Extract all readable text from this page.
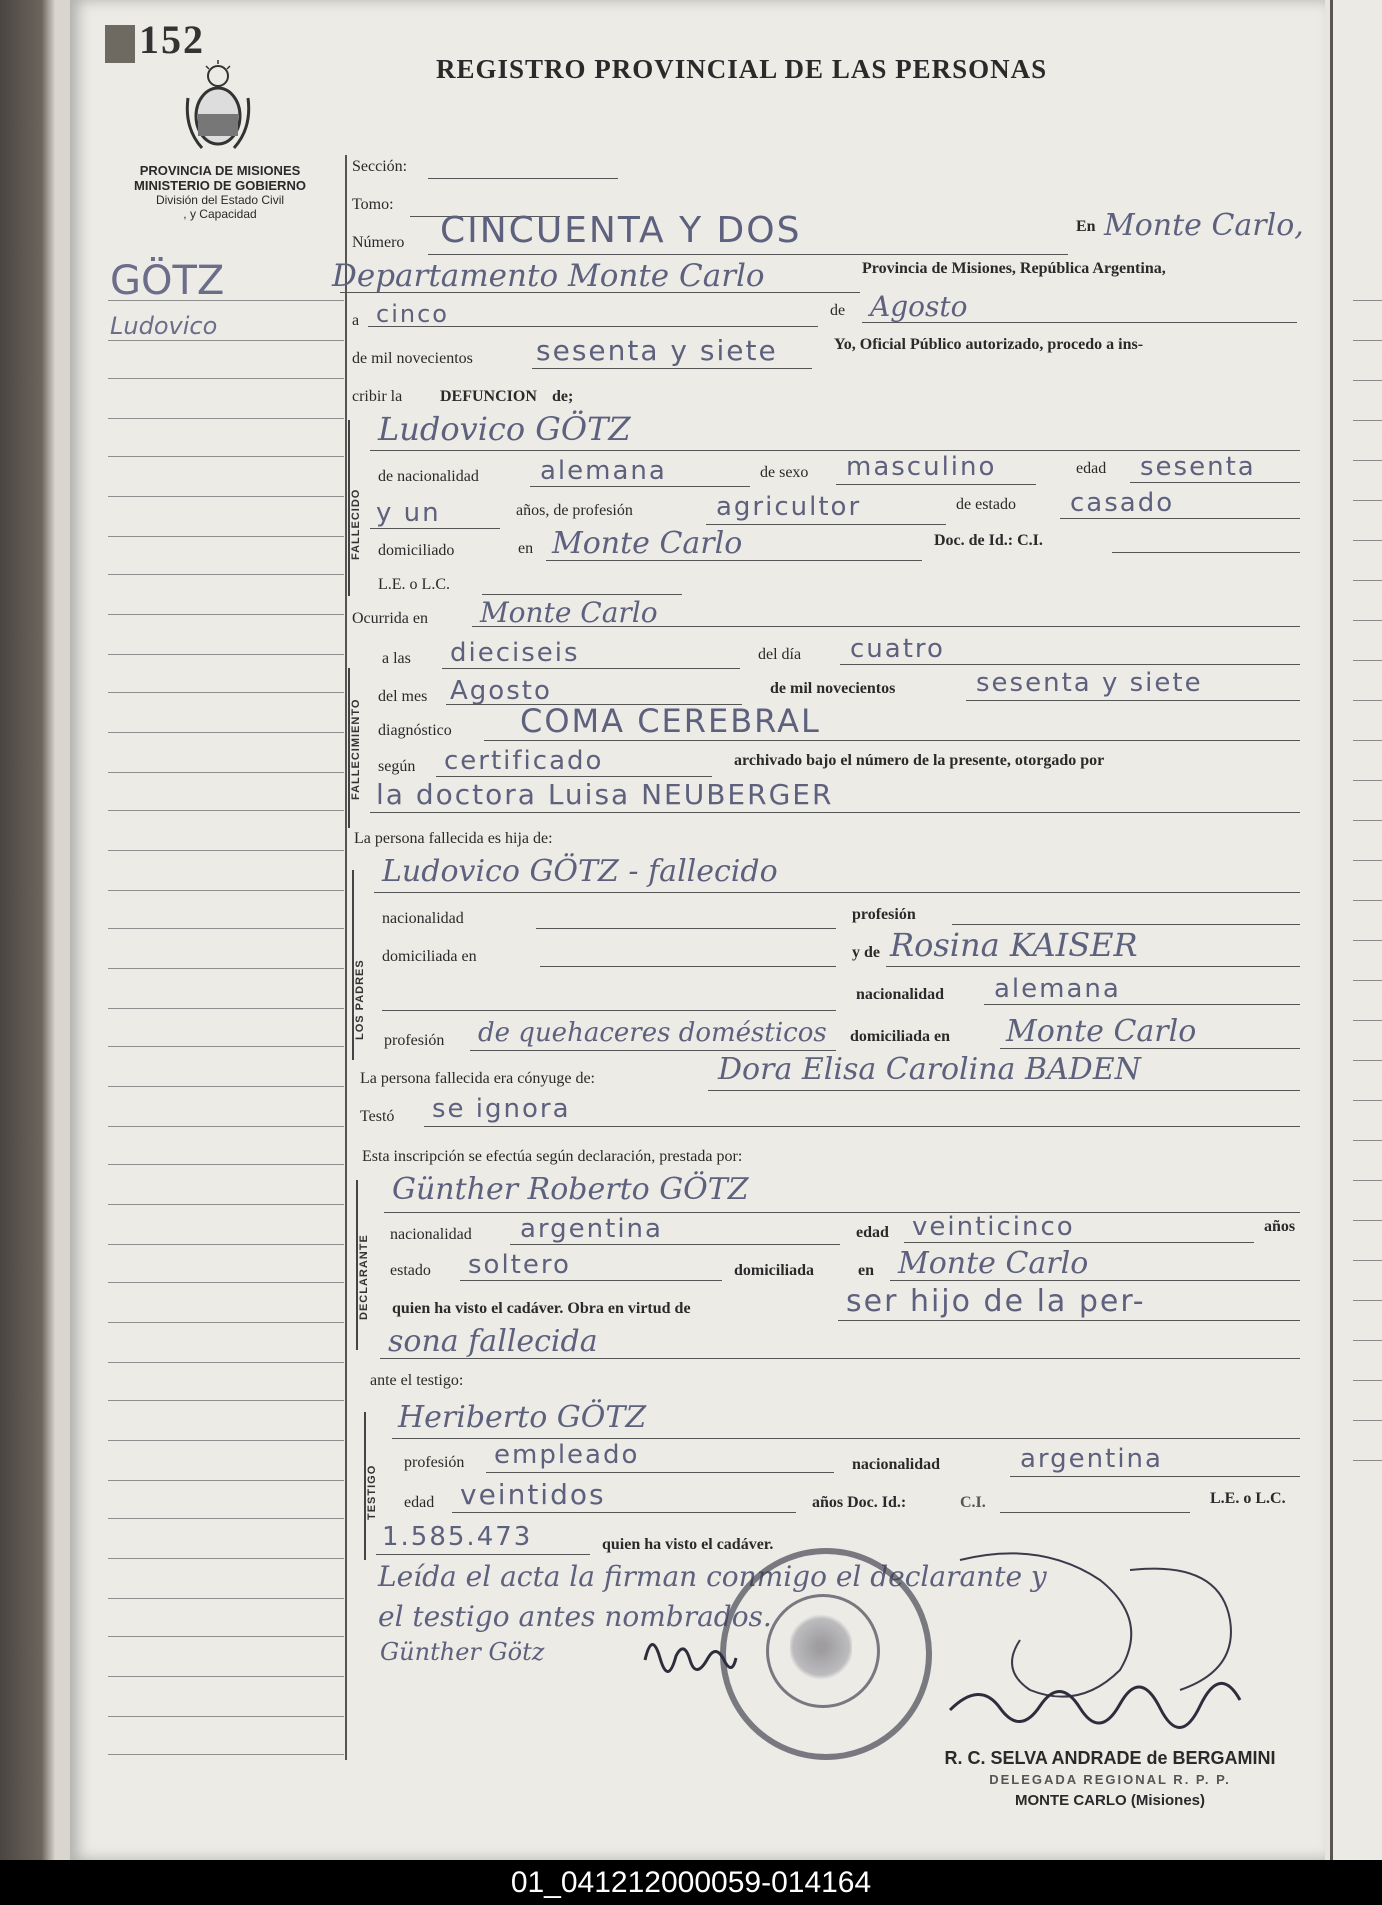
152
REGISTRO PROVINCIAL DE LAS PERSONAS
PROVINCIA DE MISIONES
MINISTERIO DE GOBIERNO
División del Estado Civil
, y Capacidad
GÖTZ
Ludovico
Sección:
Tomo:
Número CINCUENTA Y DOS	En Monte Carlo,
Departamento Monte Carlo	Provincia de Misiones, República Argentina,
a cinco	de Agosto
de mil novecientos sesenta y siete	Yo, Oficial Público autorizado, procedo a ins-
cribir la DEFUNCION de;
FALLECIDO
Ludovico GÖTZ
de nacionalidad alemana	de sexo masculino	edad sesenta
y un	años, de profesión	agricultor	de estado casado
domiciliado	en Monte Carlo	Doc. de Id.: C.I.
L.E. o L.C.
Ocurrida en Monte Carlo
FALLECIMIENTO
a las dieciseis	del día cuatro
del mes Agosto	de mil novecientos	sesenta y siete
diagnóstico COMA CEREBRAL
según certificado	archivado bajo el número de la presente, otorgado por
la doctora Luisa NEUBERGER
La persona fallecida es hija de:
LOS PADRES
Ludovico GÖTZ - fallecido
nacionalidad	profesión
domiciliada en	y de Rosina KAISER
nacionalidad alemana
profesión de quehaceres domésticos domiciliada en Monte Carlo
La persona fallecida era cónyuge de:	Dora Elisa Carolina BADEN
Testó se ignora
Esta inscripción se efectúa según declaración, prestada por:
DECLARANTE
Günther Roberto GÖTZ
nacionalidad argentina	edad veinticinco	años
estado soltero	domiciliada	en Monte Carlo
quien ha visto el cadáver. Obra en virtud de	ser hijo de la per-
sona fallecida
ante el testigo:
TESTIGO
Heriberto GÖTZ
profesión empleado	nacionalidad	argentina
edad veintidos	años Doc. Id.:	C.I.	L.E. o L.C.
1.585.473	quien ha visto el cadáver.
Leída el acta la firman conmigo el declarante y
el testigo antes nombrados.
Günther Götz
R. C. SELVA ANDRADE de BERGAMINI
DELEGADA REGIONAL R. P. P.
MONTE CARLO (Misiones)
01_041212000059-014164
